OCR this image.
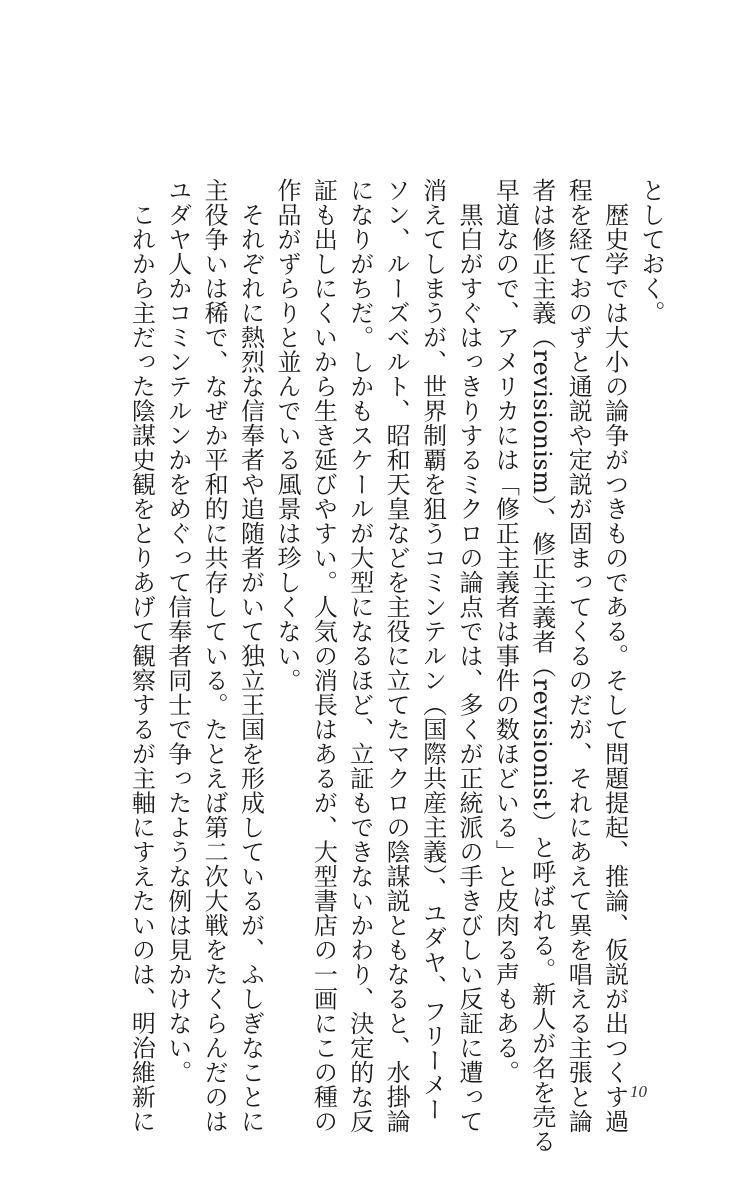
としておく。
　歴史学では大小の論争がつきものである。そして問題提起、推論、仮説が出つくす過
程を経ておのずと通説や定説が固まってくるのだが、それにあえて異を唱える主張と論
者は修正主義（revisionism）、修正主義者（revisionist）と呼ばれる。新人が名を売る
早道なので、アメリカには「修正主義者は事件の数ほどいる」と皮肉る声もある。
　黒白がすぐはっきりするミクロの論点では、多くが正統派の手きびしい反証に遭って
消えてしまうが、世界制覇を狙うコミンテルン（国際共産主義）、ユダヤ、フリーメー
ソン、ルーズベルト、昭和天皇などを主役に立てたマクロの陰謀説ともなると、水掛論
になりがちだ。しかもスケールが大型になるほど、立証もできないかわり、決定的な反
証も出しにくいから生き延びやすい。人気の消長はあるが、大型書店の一画にこの種の
作品がずらりと並んでいる風景は珍しくない。
　それぞれに熱烈な信奉者や追随者がいて独立王国を形成しているが、ふしぎなことに
主役争いは稀で、なぜか平和的に共存している。たとえば第二次大戦をたくらんだのは
ユダヤ人かコミンテルンかをめぐって信奉者同士で争ったような例は見かけない。
　これから主だった陰謀史観をとりあげて観察するが主軸にすえたいのは、明治維新に	10
